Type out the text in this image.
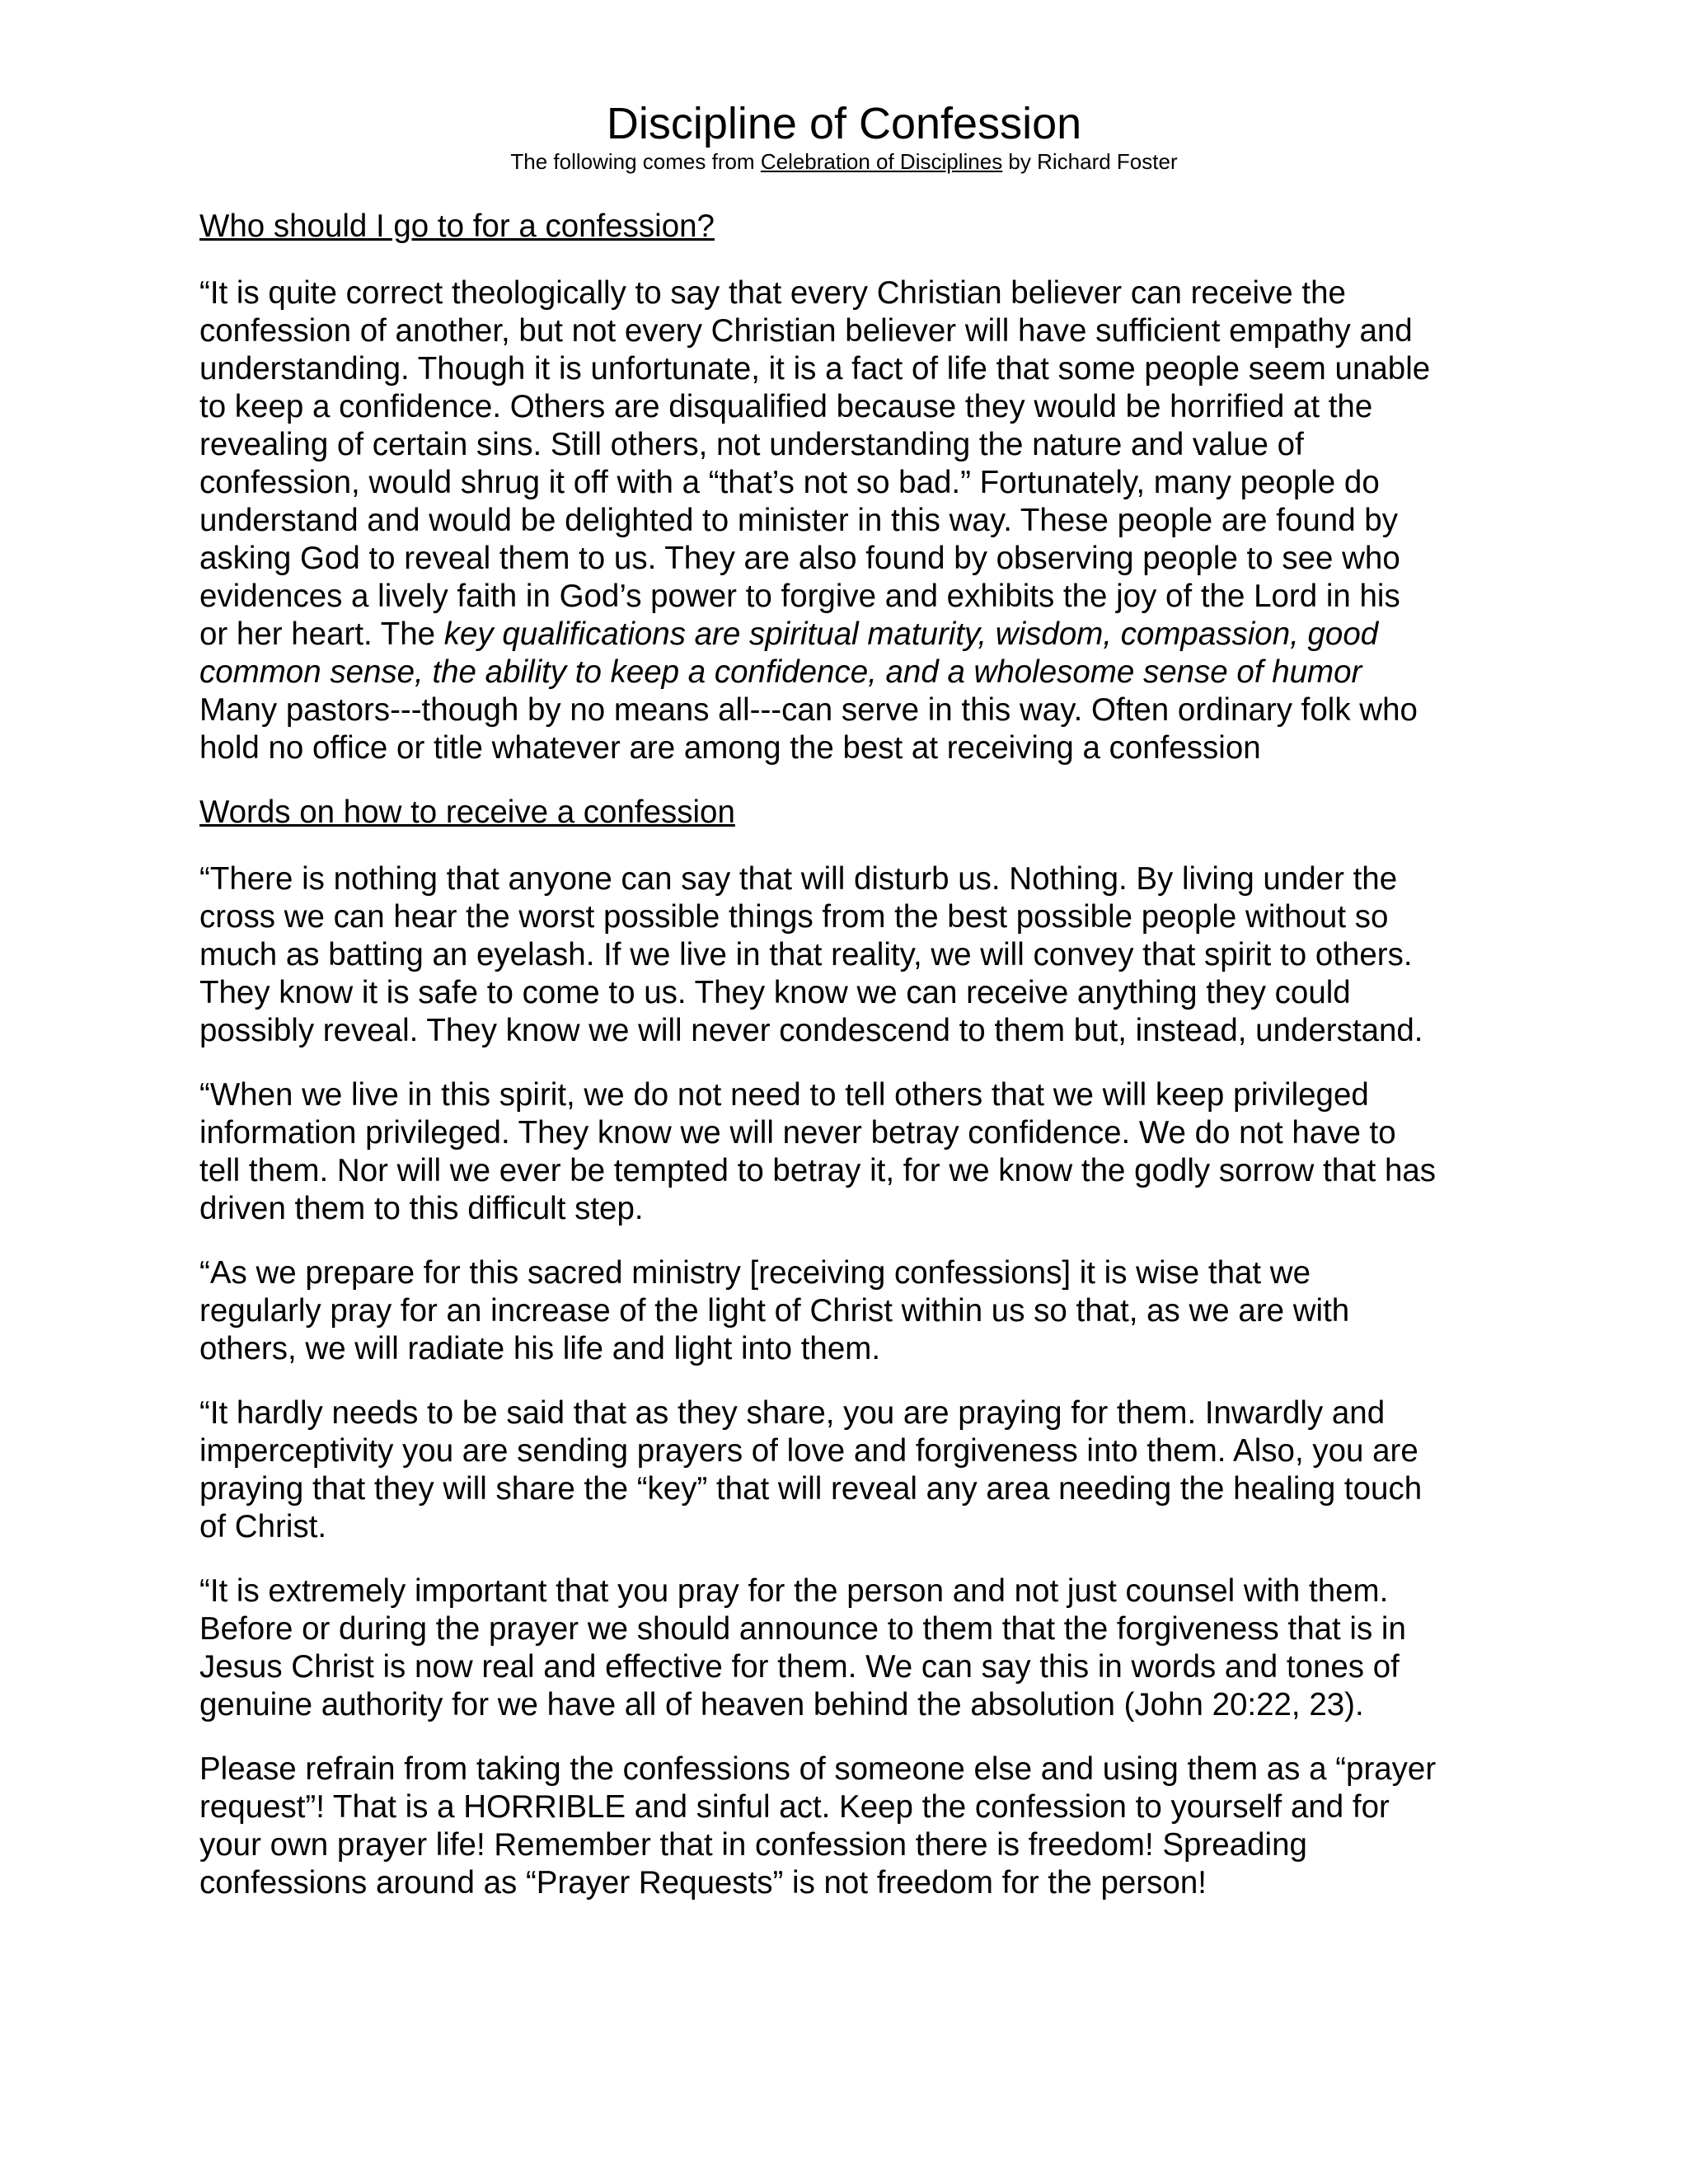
Discipline of Confession
The following comes from Celebration of Disciplines by Richard Foster
Who should I go to for a confession?

“It is quite correct theologically to say that every Christian believer can receive the
confession of another, but not every Christian believer will have sufficient empathy and
understanding. Though it is unfortunate, it is a fact of life that some people seem unable
to keep a confidence. Others are disqualified because they would be horrified at the
revealing of certain sins. Still others, not understanding the nature and value of
confession, would shrug it off with a “that’s not so bad.” Fortunately, many people do
understand and would be delighted to minister in this way. These people are found by
asking God to reveal them to us. They are also found by observing people to see who
evidences a lively faith in God’s power to forgive and exhibits the joy of the Lord in his
or her heart. The key qualifications are spiritual maturity, wisdom, compassion, good
common sense, the ability to keep a confidence, and a wholesome sense of humor
Many pastors---though by no means all---can serve in this way. Often ordinary folk who
hold no office or title whatever are among the best at receiving a confession

Words on how to receive a confession

“There is nothing that anyone can say that will disturb us. Nothing. By living under the
cross we can hear the worst possible things from the best possible people without so
much as batting an eyelash. If we live in that reality, we will convey that spirit to others.
They know it is safe to come to us. They know we can receive anything they could
possibly reveal. They know we will never condescend to them but, instead, understand.

“When we live in this spirit, we do not need to tell others that we will keep privileged
information privileged. They know we will never betray confidence. We do not have to
tell them. Nor will we ever be tempted to betray it, for we know the godly sorrow that has
driven them to this difficult step.

“As we prepare for this sacred ministry [receiving confessions] it is wise that we
regularly pray for an increase of the light of Christ within us so that, as we are with
others, we will radiate his life and light into them.

“It hardly needs to be said that as they share, you are praying for them. Inwardly and
imperceptivity you are sending prayers of love and forgiveness into them. Also, you are
praying that they will share the “key” that will reveal any area needing the healing touch
of Christ.

“It is extremely important that you pray for the person and not just counsel with them.
Before or during the prayer we should announce to them that the forgiveness that is in
Jesus Christ is now real and effective for them. We can say this in words and tones of
genuine authority for we have all of heaven behind the absolution (John 20:22, 23).

Please refrain from taking the confessions of someone else and using them as a “prayer
request”! That is a HORRIBLE and sinful act. Keep the confession to yourself and for
your own prayer life! Remember that in confession there is freedom! Spreading
confessions around as “Prayer Requests” is not freedom for the person!
